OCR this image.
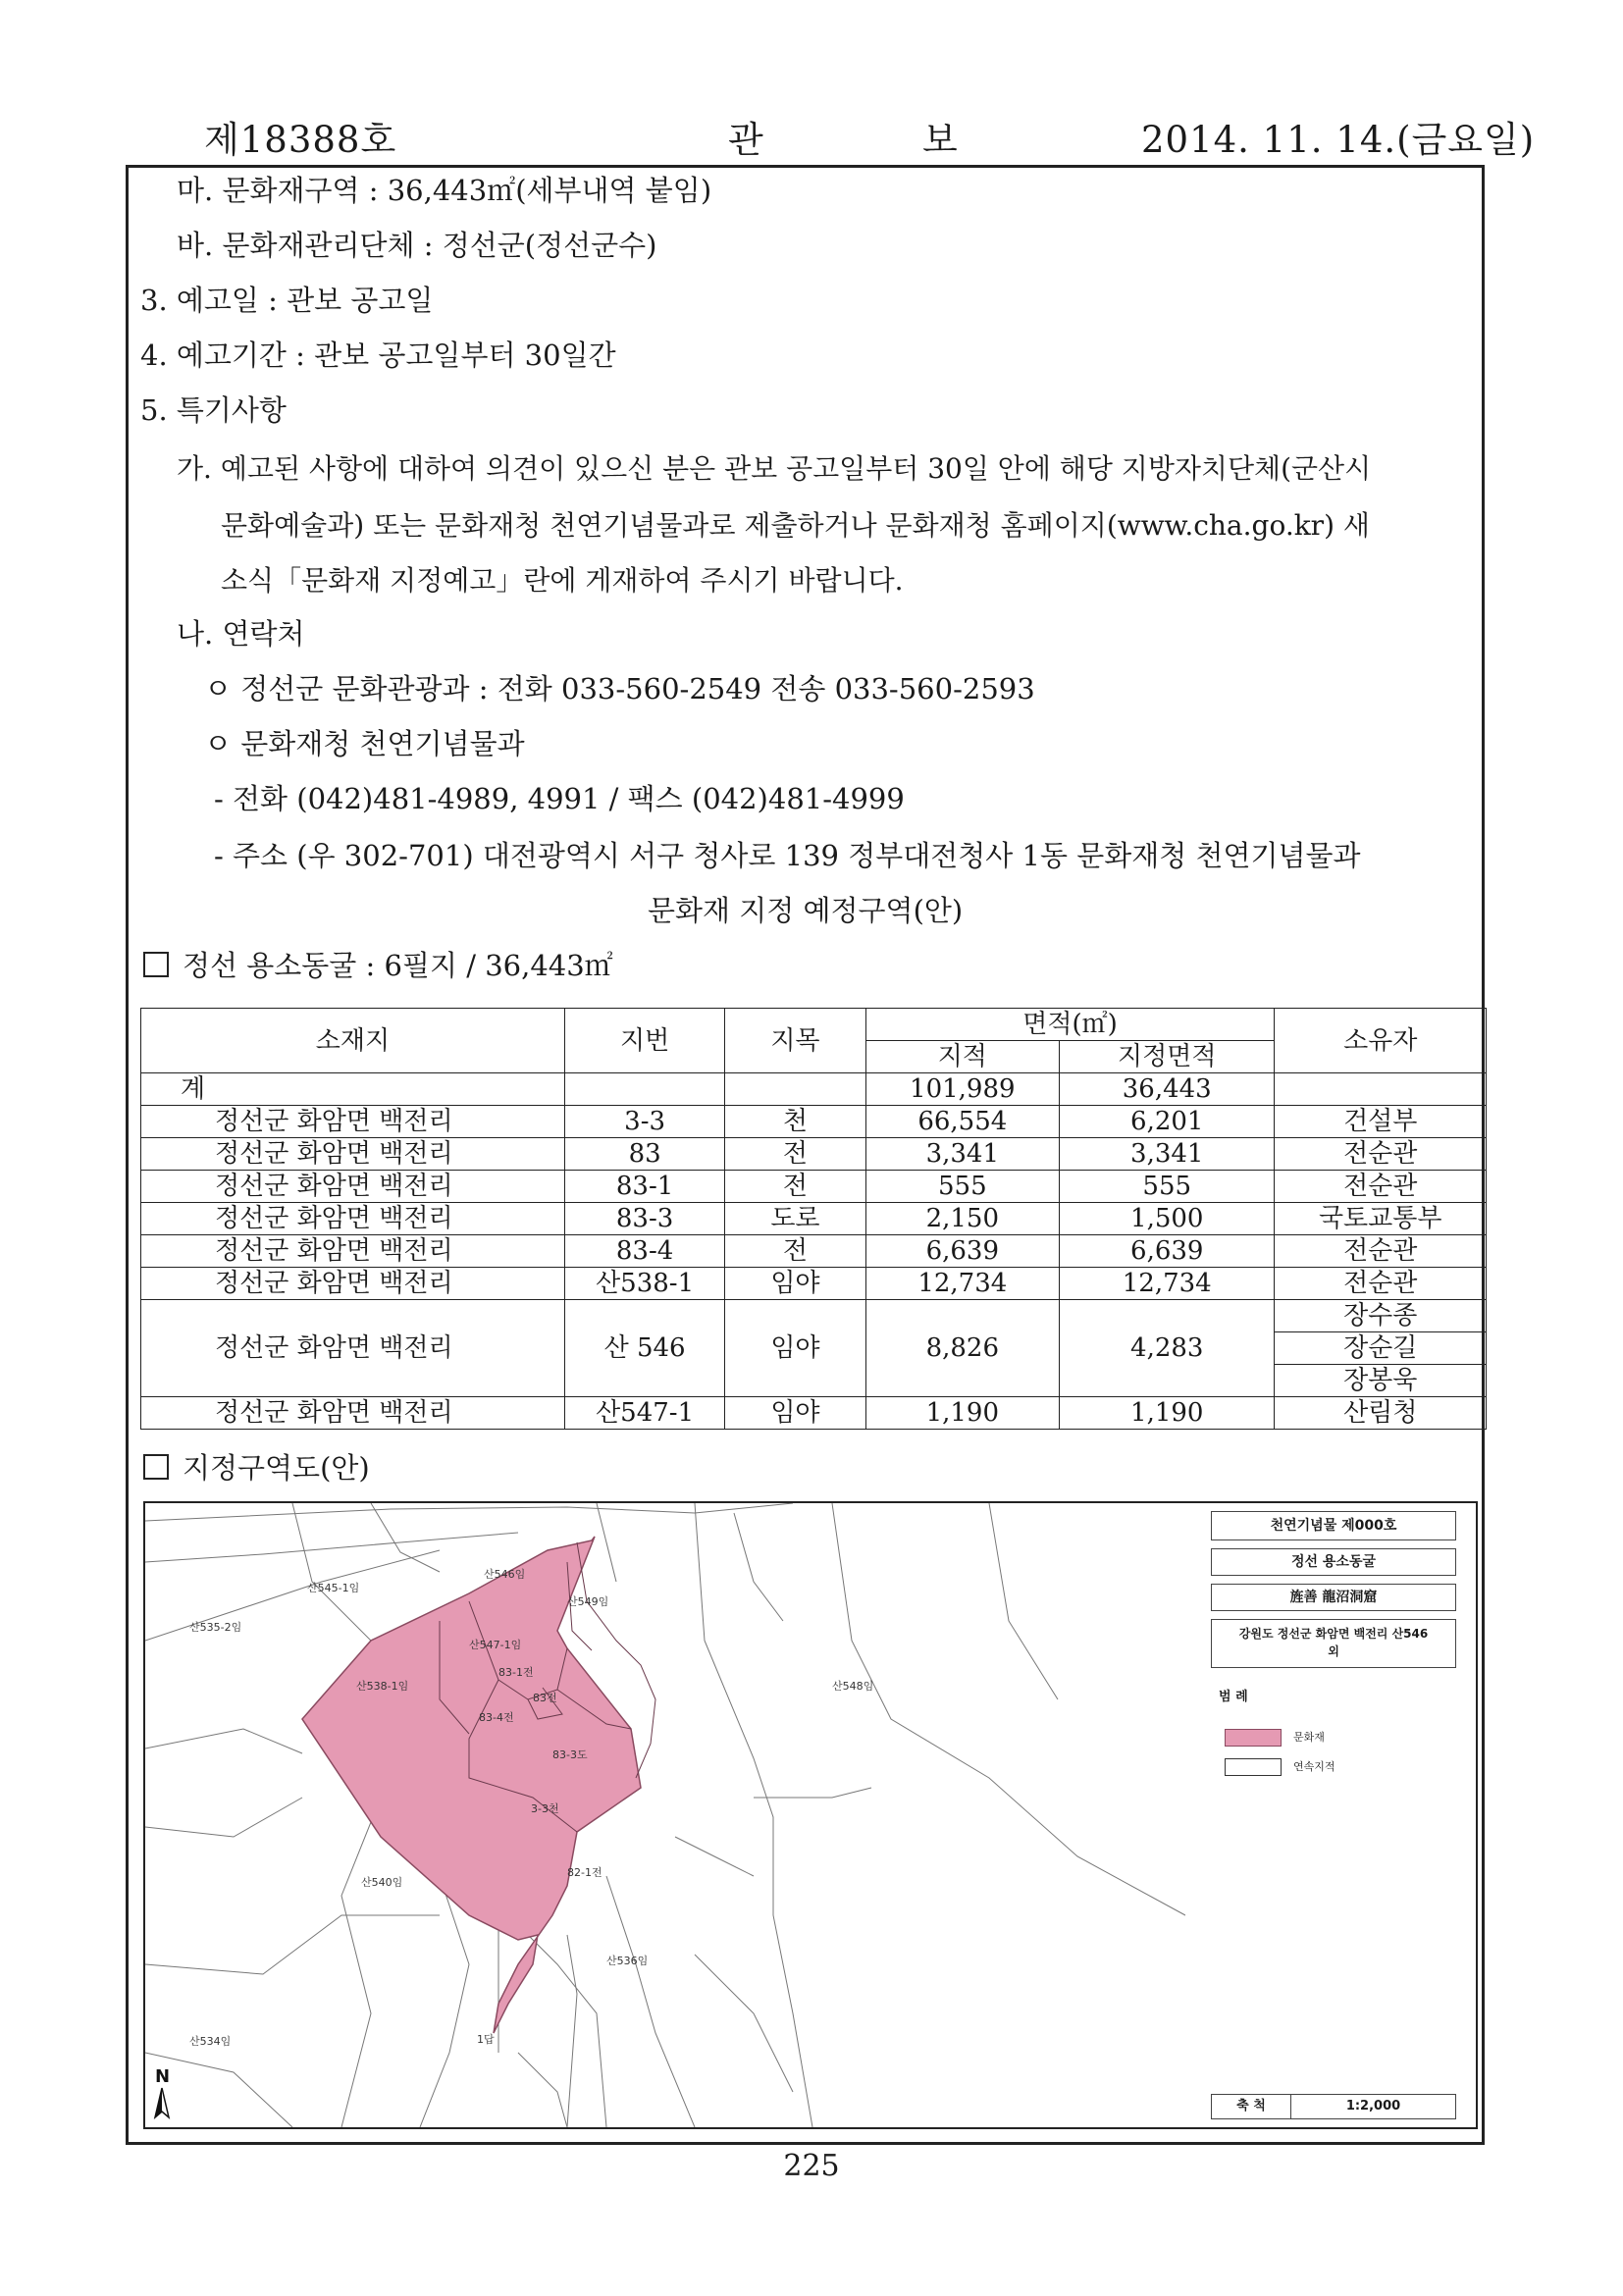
제18388호	관	보	2014. 11. 14.(금요일)
마. 문화재구역 : 36,443㎡(세부내역 붙임)
바. 문화재관리단체 : 정선군(정선군수)
3. 예고일 : 관보 공고일
4. 예고기간 : 관보 공고일부터 30일간
5. 특기사항
가. 예고된 사항에 대하여 의견이 있으신 분은 관보 공고일부터 30일 안에 해당 지방자치단체(군산시
문화예술과) 또는 문화재청 천연기념물과로 제출하거나 문화재청 홈페이지(www.cha.go.kr) 새
소식「문화재 지정예고」란에 게재하여 주시기 바랍니다.
나. 연락처
ㅇ 정선군 문화관광과 : 전화 033-560-2549 전송 033-560-2593
ㅇ 문화재청 천연기념물과
- 전화 (042)481-4989, 4991 / 팩스 (042)481-4999
- 주소 (우 302-701) 대전광역시 서구 청사로 139 정부대전청사 1동 문화재청 천연기념물과
문화재 지정 예정구역(안)
정선 용소동굴 : 6필지 / 36,443㎡
소재지	지번	지목	면적(㎡)		소유자
			지적	지정면적	
계			101,989	36,443	
정선군 화암면 백전리	3-3	천	66,554	6,201	건설부
정선군 화암면 백전리	83	전	3,341	3,341	전순관
정선군 화암면 백전리	83-1	전	555	555	전순관
정선군 화암면 백전리	83-3	도로	2,150	1,500	국토교통부
정선군 화암면 백전리	83-4	전	6,639	6,639	전순관
정선군 화암면 백전리	산538-1	임야	12,734	12,734	전순관
정선군 화암면 백전리	산 546	임야	8,826	4,283	장수종
					장순길
					장봉욱
정선군 화암면 백전리	산547-1	임야	1,190	1,190	산림청
지정구역도(안)
산538-1임
산547-1임
83-1전
83전
83-4전
83-3도
3-3천
산545-1임
산546임
산540임
산535-2임
산548임
산534임	1답
82-1전
산549임
산536임
N
천연기념물 제000호
정선 용소동굴
旌善 龍沼洞窟
강원도 정선군 화암면 백전리 산546 외
범 례
문화재
연속지적
축 척	1:2,000
225
